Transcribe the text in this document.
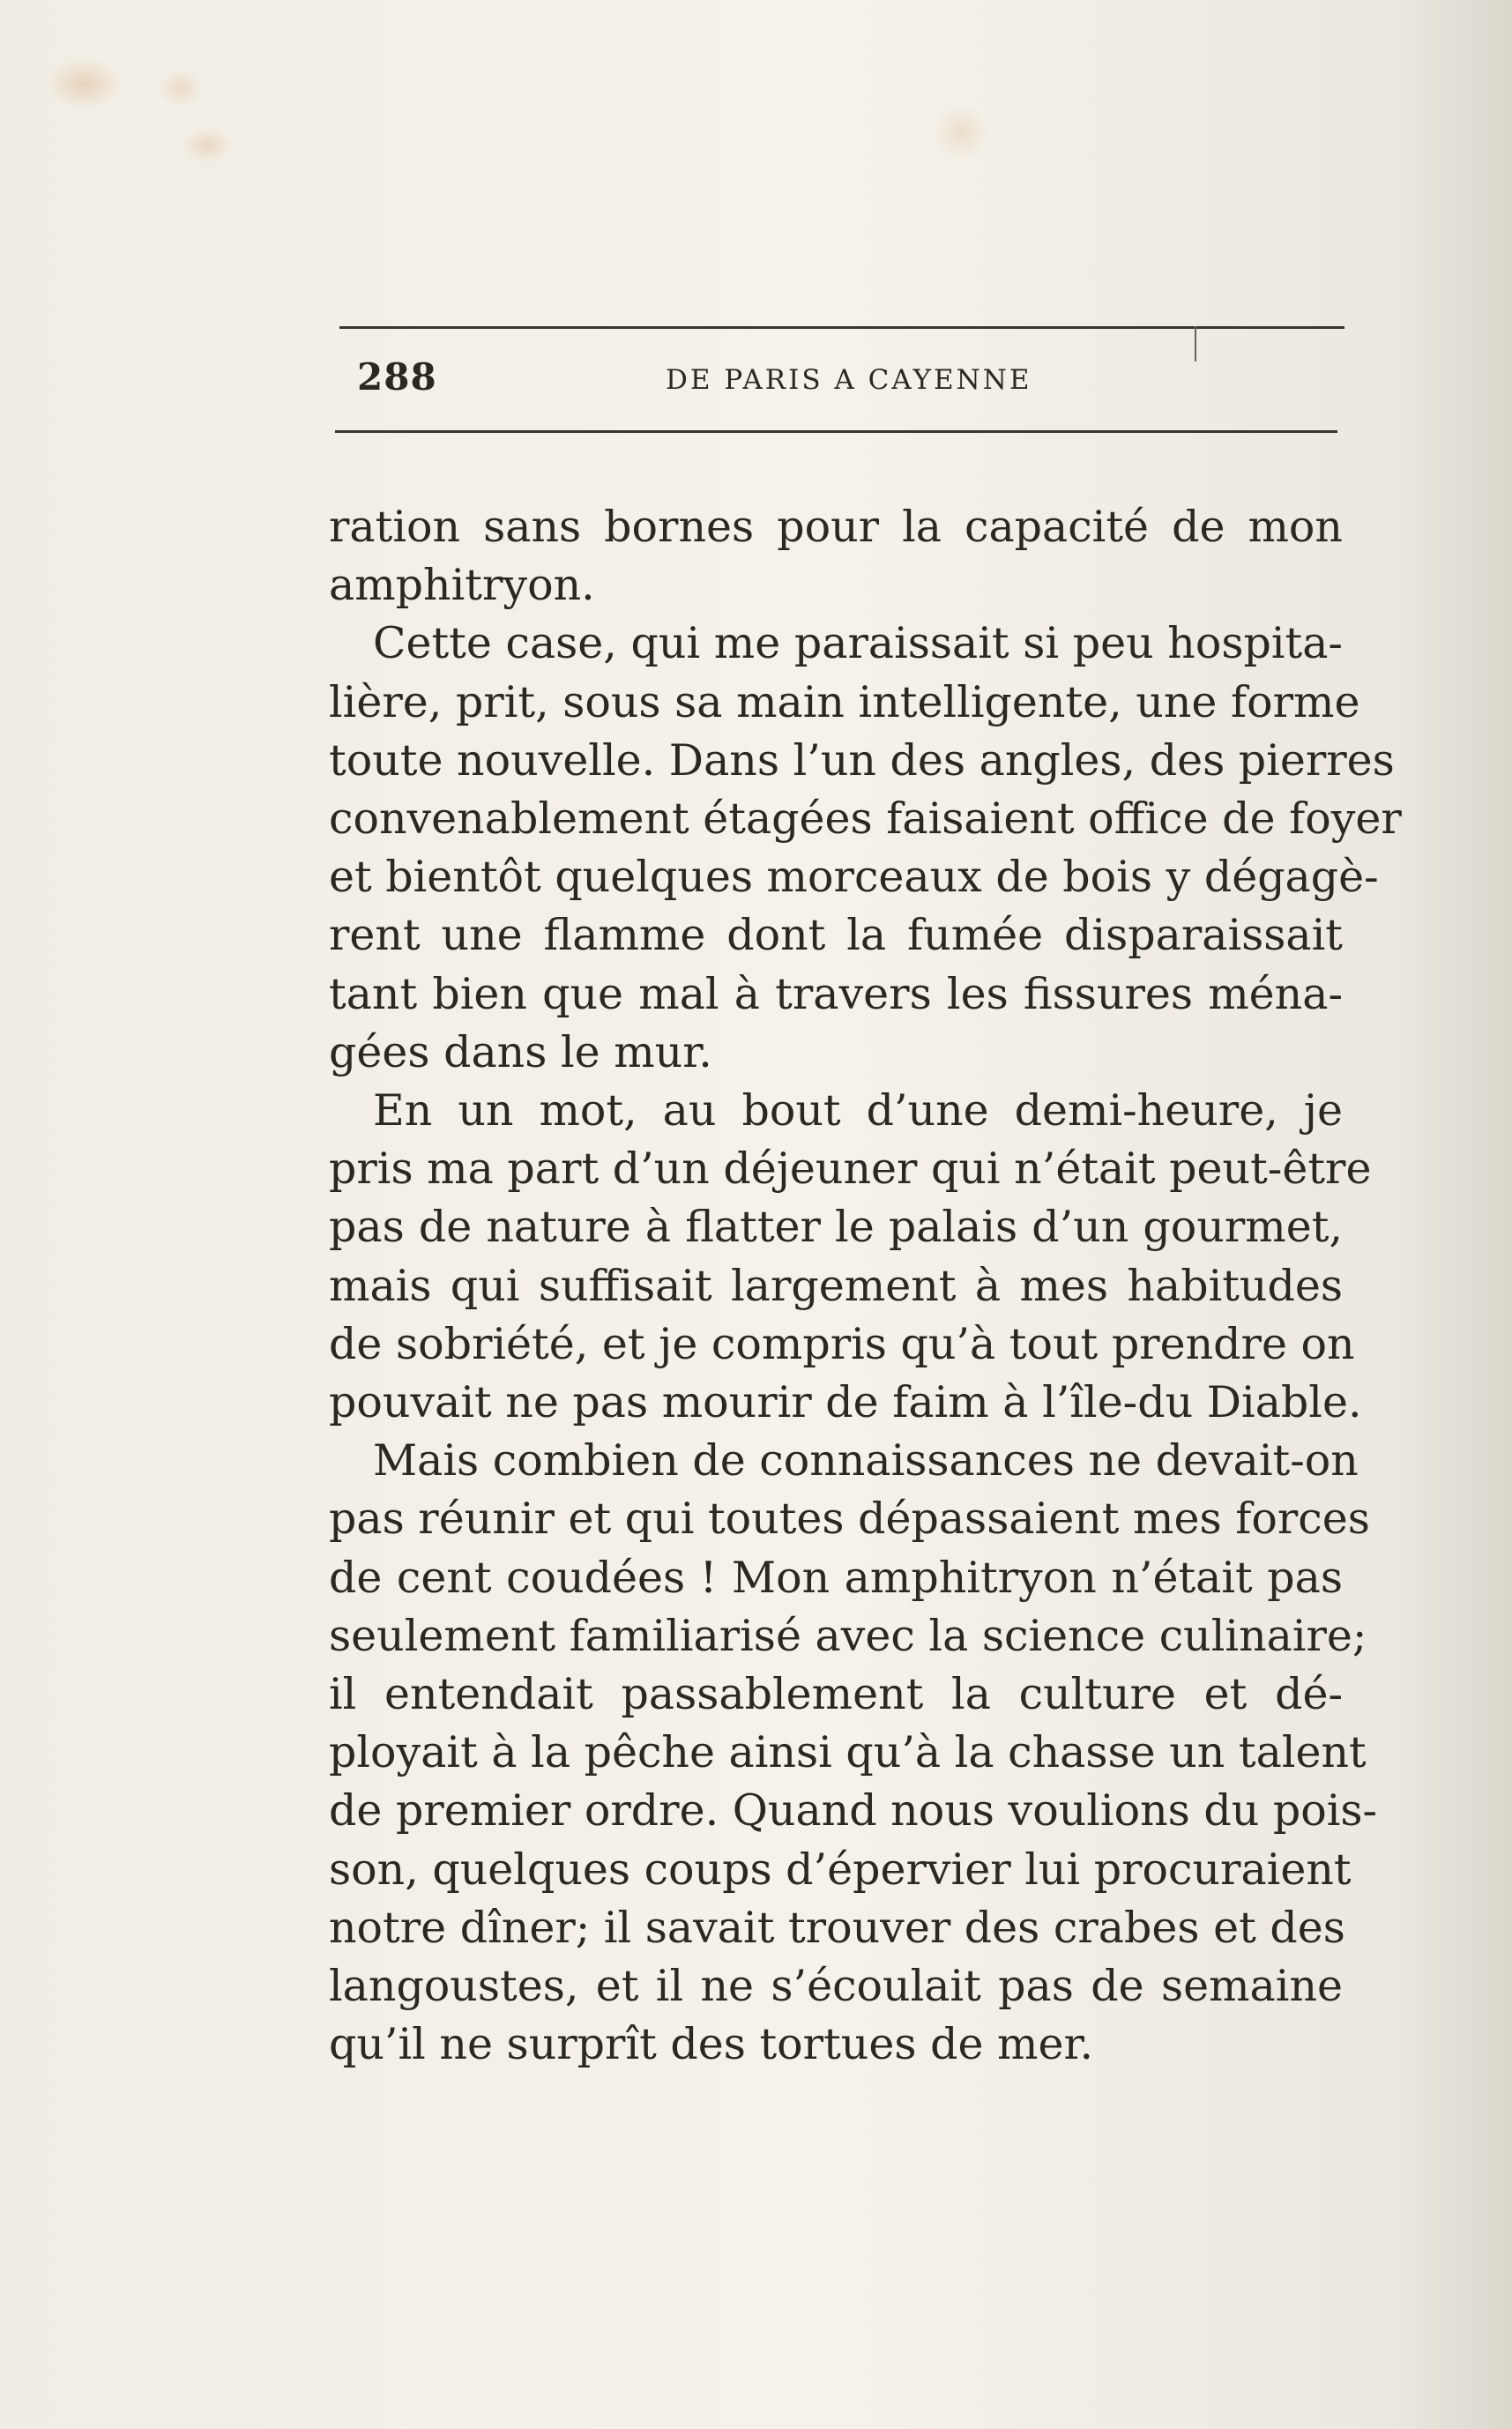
288	DE PARIS A CAYENNE

ration sans bornes pour la capacité de mon
amphitryon.

Cette case, qui me paraissait si peu hospita-
lière, prit, sous sa main intelligente, une forme
toute nouvelle. Dans l’un des angles, des pierres
convenablement étagées faisaient office de foyer
et bientôt quelques morceaux de bois y dégagè-
rent une flamme dont la fumée disparaissait
tant bien que mal à travers les fissures ména-
gées dans le mur.

En un mot, au bout d’une demi-heure, je
pris ma part d’un déjeuner qui n’était peut-être
pas de nature à flatter le palais d’un gourmet,
mais qui suffisait largement à mes habitudes
de sobriété, et je compris qu’à tout prendre on
pouvait ne pas mourir de faim à l’île-du Diable.

Mais combien de connaissances ne devait-on
pas réunir et qui toutes dépassaient mes forces
de cent coudées ! Mon amphitryon n’était pas
seulement familiarisé avec la science culinaire;
il entendait passablement la culture et dé-
ployait à la pêche ainsi qu’à la chasse un talent
de premier ordre. Quand nous voulions du pois-
son, quelques coups d’épervier lui procuraient
notre dîner; il savait trouver des crabes et des
langoustes, et il ne s’écoulait pas de semaine
qu’il ne surprît des tortues de mer.
